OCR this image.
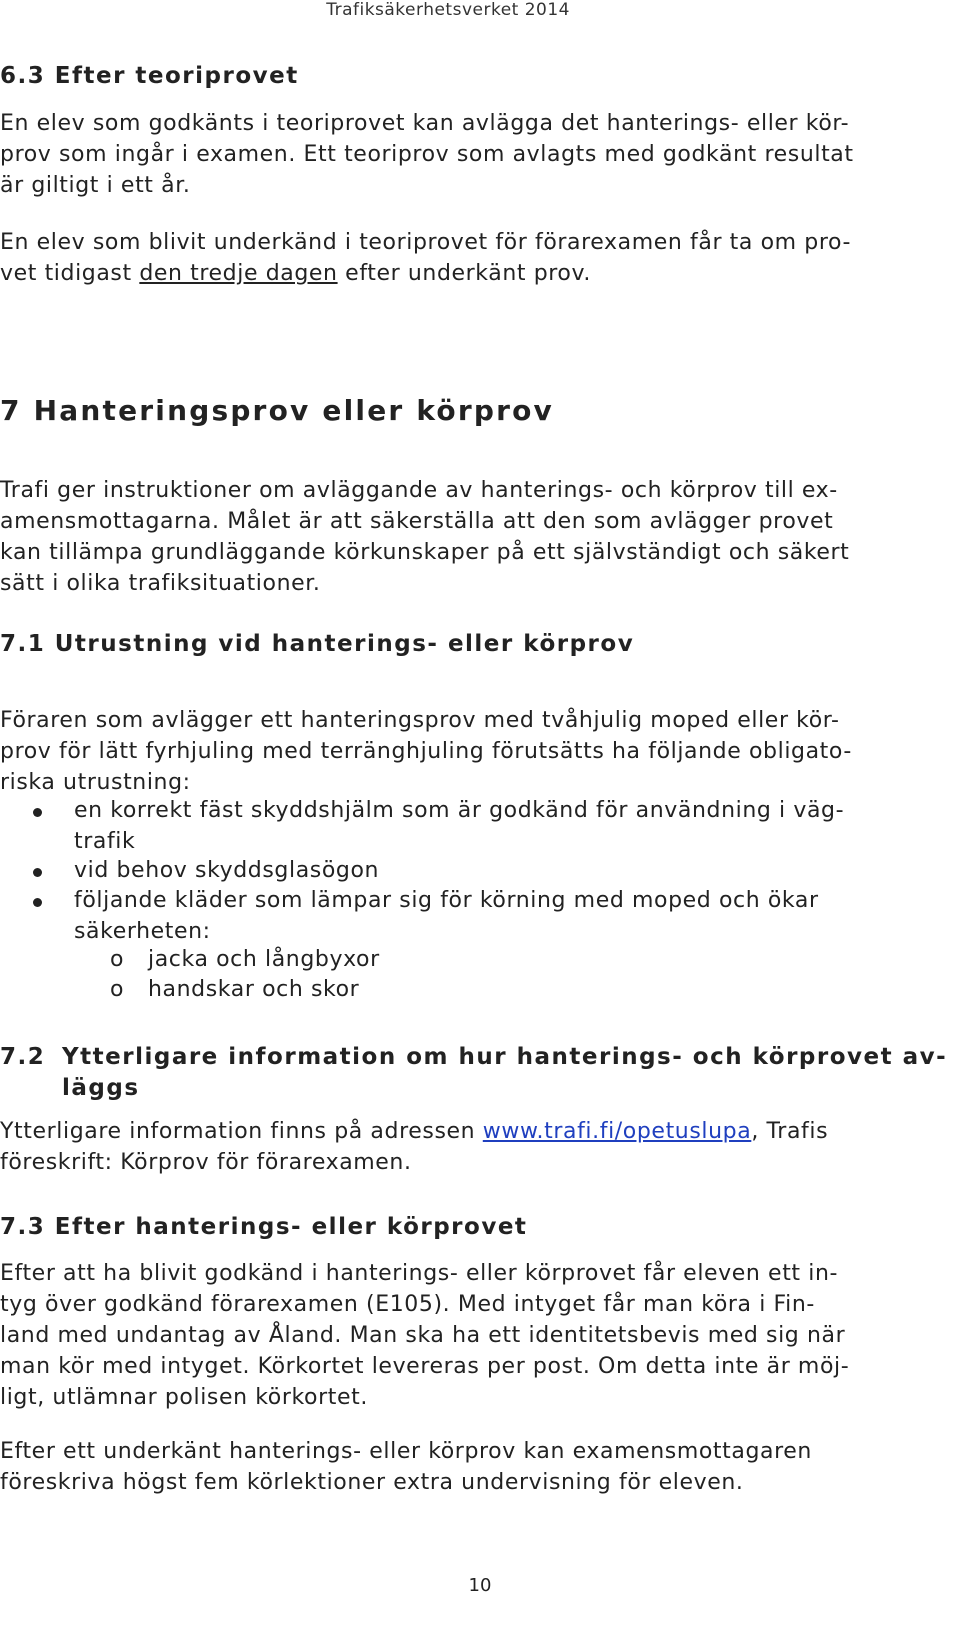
Trafiksäkerhetsverket 2014
6.3 Efter teoriprovet
En elev som godkänts i teoriprovet kan avlägga det hanterings- eller kör-
prov som ingår i examen. Ett teoriprov som avlagts med godkänt resultat
är giltigt i ett år.
En elev som blivit underkänd i teoriprovet för förarexamen får ta om pro-
vet tidigast den tredje dagen efter underkänt prov.
7 Hanteringsprov eller körprov
Trafi ger instruktioner om avläggande av hanterings- och körprov till ex-
amensmottagarna. Målet är att säkerställa att den som avlägger provet
kan tillämpa grundläggande körkunskaper på ett självständigt och säkert
sätt i olika trafiksituationer.
7.1 Utrustning vid hanterings- eller körprov
Föraren som avlägger ett hanteringsprov med tvåhjulig moped eller kör-
prov för lätt fyrhjuling med terränghjuling förutsätts ha följande obligato-
riska utrustning:
en korrekt fäst skyddshjälm som är godkänd för användning i väg-
trafik
vid behov skyddsglasögon
följande kläder som lämpar sig för körning med moped och ökar
säkerheten:
o jacka och långbyxor
o handskar och skor
7.2 Ytterligare information om hur hanterings- och körprovet av-
läggs
Ytterligare information finns på adressen www.trafi.fi/opetuslupa, Trafis
föreskrift: Körprov för förarexamen.
7.3 Efter hanterings- eller körprovet
Efter att ha blivit godkänd i hanterings- eller körprovet får eleven ett in-
tyg över godkänd förarexamen (E105). Med intyget får man köra i Fin-
land med undantag av Åland. Man ska ha ett identitetsbevis med sig när
man kör med intyget. Körkortet levereras per post. Om detta inte är möj-
ligt, utlämnar polisen körkortet.
Efter ett underkänt hanterings- eller körprov kan examensmottagaren
föreskriva högst fem körlektioner extra undervisning för eleven.
10
